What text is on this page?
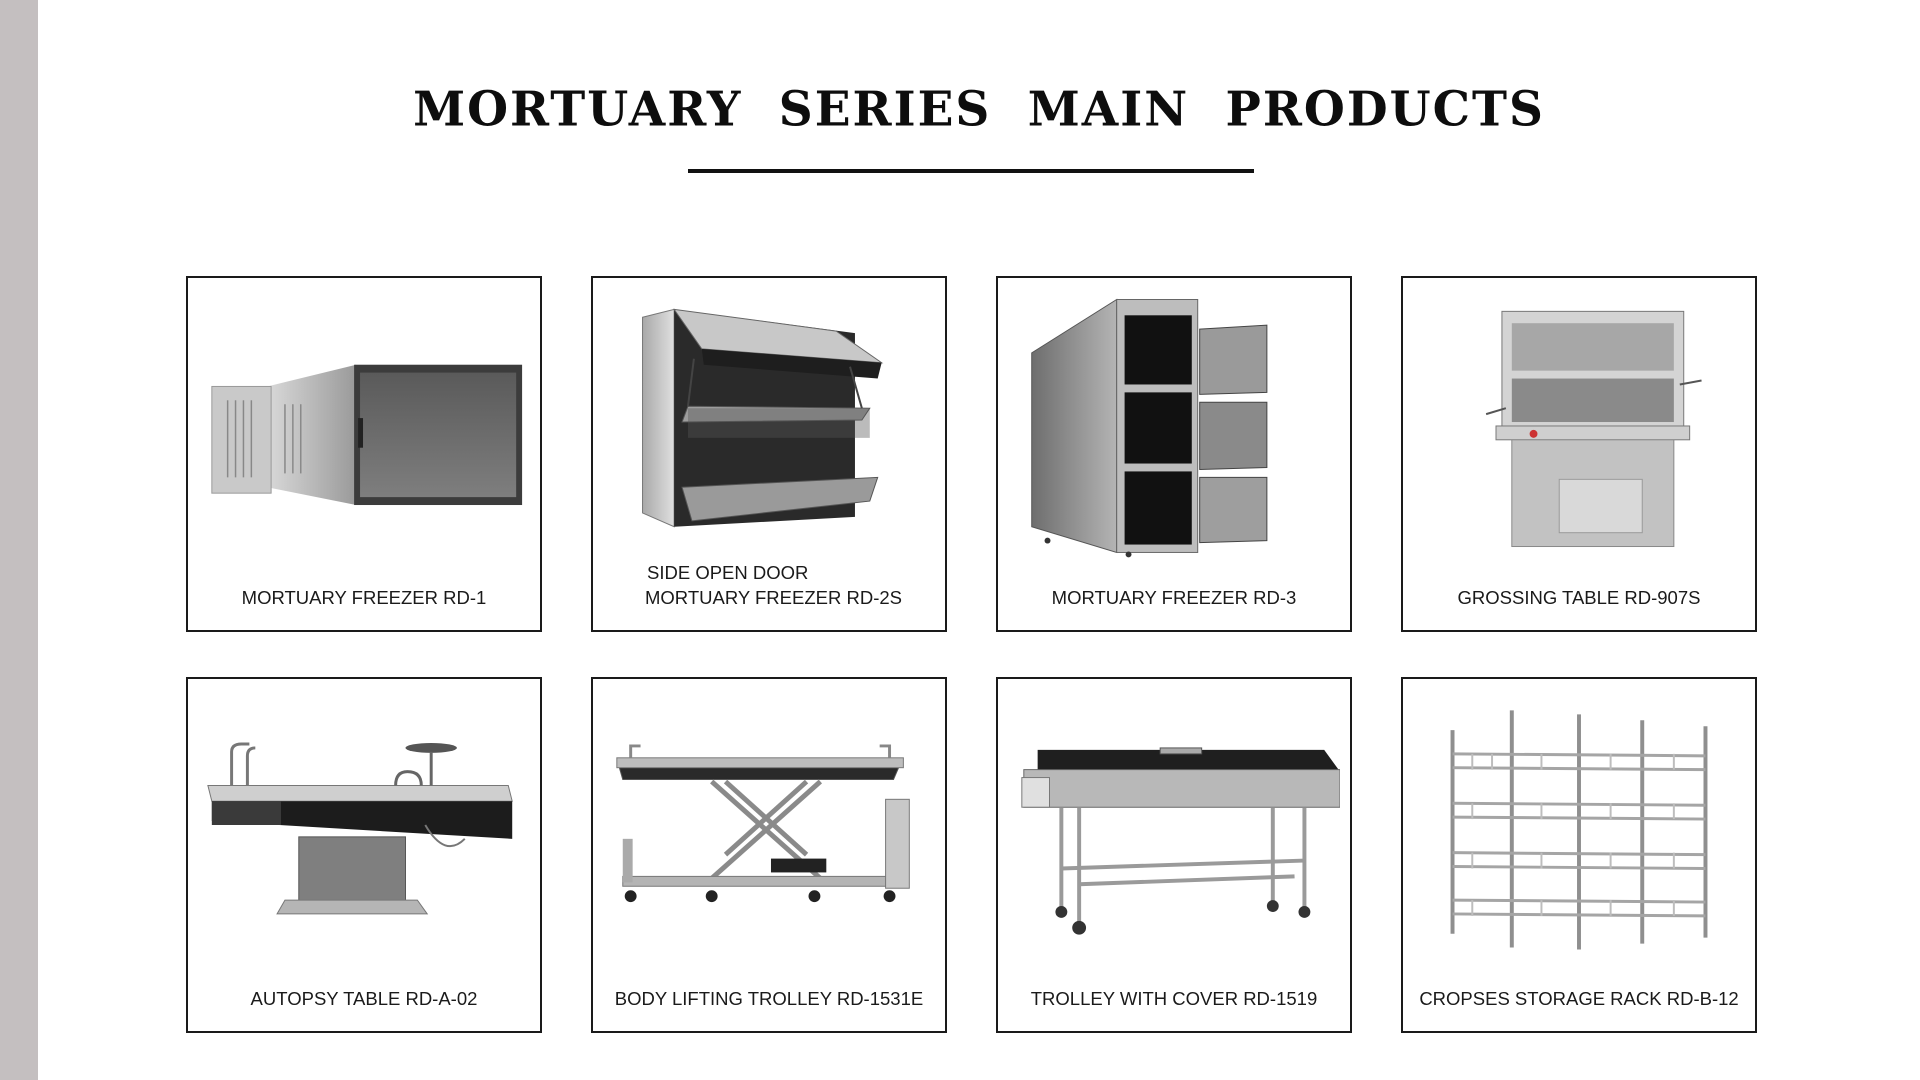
MORTUARY SERIES MAIN PRODUCTS
MORTUARY FREEZER RD-1
SIDE OPEN DOOR
MORTUARY FREEZER RD-2S	MORTUARY FREEZER RD-3	GROSSING TABLE RD-907S
AUTOPSY TABLE RD-A-02	BODY LIFTING TROLLEY RD-1531E	TROLLEY WITH COVER RD-1519	CROPSES STORAGE RACK RD-B-12
